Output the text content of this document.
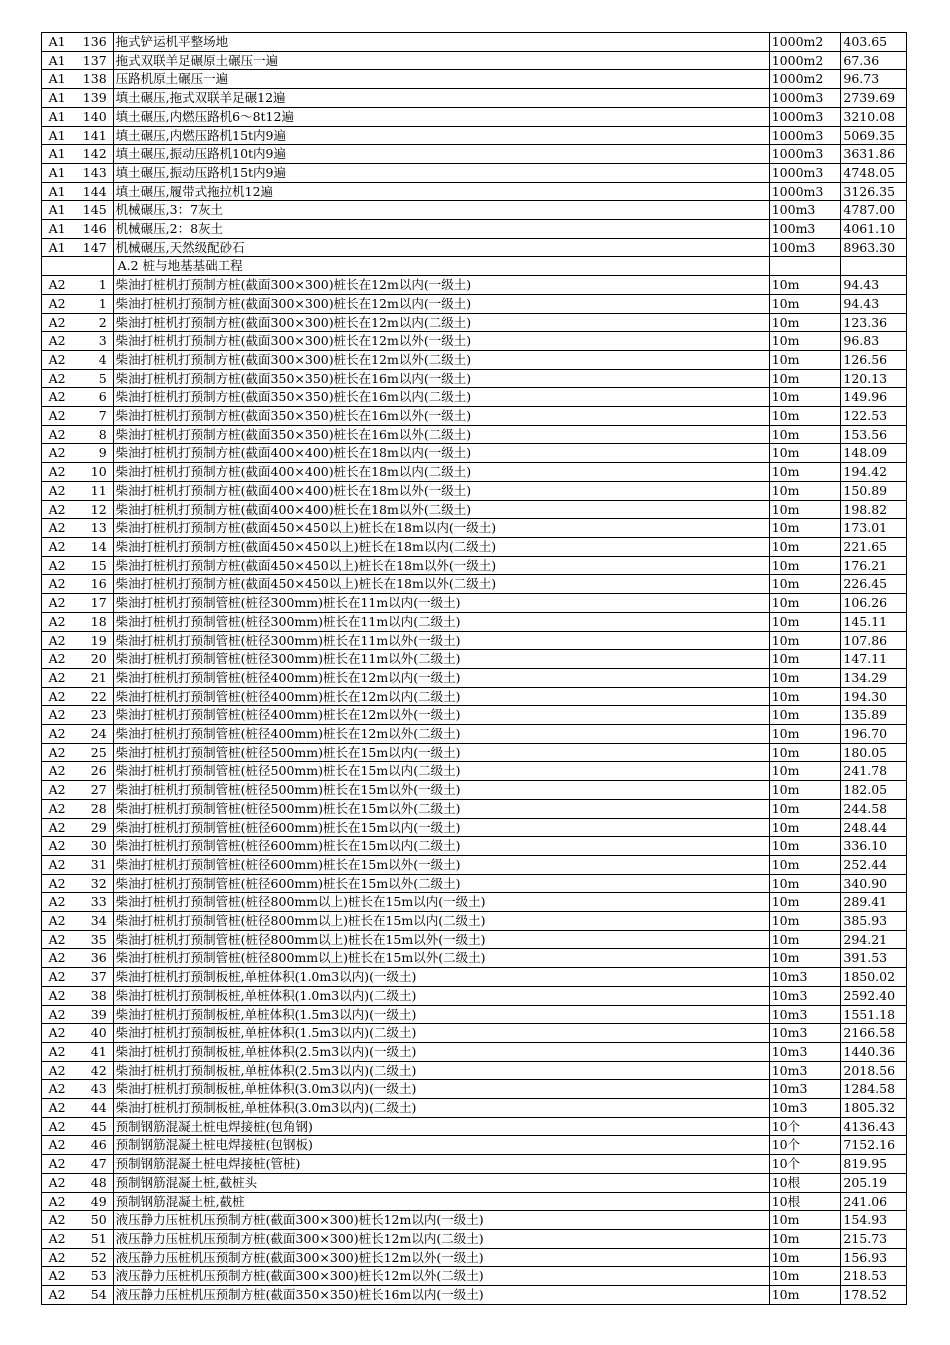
A1	136	拖式铲运机平整场地	1000m2	403.65
A1	137	拖式双联羊足碾原土碾压一遍	1000m2	67.36
A1	138	压路机原土碾压一遍	1000m2	96.73
A1	139	填土碾压,拖式双联羊足碾12遍	1000m3	2739.69
A1	140	填土碾压,内燃压路机6～8t12遍	1000m3	3210.08
A1	141	填土碾压,内燃压路机15t内9遍	1000m3	5069.35
A1	142	填土碾压,振动压路机10t内9遍	1000m3	3631.86
A1	143	填土碾压,振动压路机15t内9遍	1000m3	4748.05
A1	144	填土碾压,履带式拖拉机12遍	1000m3	3126.35
A1	145	机械碾压,3：7灰土	100m3	4787.00
A1	146	机械碾压,2：8灰土	100m3	4061.10
A1	147	机械碾压,天然级配砂石	100m3	8963.30
		A.2 桩与地基基础工程		
A2	1	柴油打桩机打预制方桩(截面300×300)桩长在12m以内(一级土)	10m	94.43
A2	1	柴油打桩机打预制方桩(截面300×300)桩长在12m以内(一级土)	10m	94.43
A2	2	柴油打桩机打预制方桩(截面300×300)桩长在12m以内(二级土)	10m	123.36
A2	3	柴油打桩机打预制方桩(截面300×300)桩长在12m以外(一级土)	10m	96.83
A2	4	柴油打桩机打预制方桩(截面300×300)桩长在12m以外(二级土)	10m	126.56
A2	5	柴油打桩机打预制方桩(截面350×350)桩长在16m以内(一级土)	10m	120.13
A2	6	柴油打桩机打预制方桩(截面350×350)桩长在16m以内(二级土)	10m	149.96
A2	7	柴油打桩机打预制方桩(截面350×350)桩长在16m以外(一级土)	10m	122.53
A2	8	柴油打桩机打预制方桩(截面350×350)桩长在16m以外(二级土)	10m	153.56
A2	9	柴油打桩机打预制方桩(截面400×400)桩长在18m以内(一级土)	10m	148.09
A2	10	柴油打桩机打预制方桩(截面400×400)桩长在18m以内(二级土)	10m	194.42
A2	11	柴油打桩机打预制方桩(截面400×400)桩长在18m以外(一级土)	10m	150.89
A2	12	柴油打桩机打预制方桩(截面400×400)桩长在18m以外(二级土)	10m	198.82
A2	13	柴油打桩机打预制方桩(截面450×450以上)桩长在18m以内(一级土)	10m	173.01
A2	14	柴油打桩机打预制方桩(截面450×450以上)桩长在18m以内(二级土)	10m	221.65
A2	15	柴油打桩机打预制方桩(截面450×450以上)桩长在18m以外(一级土)	10m	176.21
A2	16	柴油打桩机打预制方桩(截面450×450以上)桩长在18m以外(二级土)	10m	226.45
A2	17	柴油打桩机打预制管桩(桩径300mm)桩长在11m以内(一级土)	10m	106.26
A2	18	柴油打桩机打预制管桩(桩径300mm)桩长在11m以内(二级土)	10m	145.11
A2	19	柴油打桩机打预制管桩(桩径300mm)桩长在11m以外(一级土)	10m	107.86
A2	20	柴油打桩机打预制管桩(桩径300mm)桩长在11m以外(二级土)	10m	147.11
A2	21	柴油打桩机打预制管桩(桩径400mm)桩长在12m以内(一级土)	10m	134.29
A2	22	柴油打桩机打预制管桩(桩径400mm)桩长在12m以内(二级土)	10m	194.30
A2	23	柴油打桩机打预制管桩(桩径400mm)桩长在12m以外(一级土)	10m	135.89
A2	24	柴油打桩机打预制管桩(桩径400mm)桩长在12m以外(二级土)	10m	196.70
A2	25	柴油打桩机打预制管桩(桩径500mm)桩长在15m以内(一级土)	10m	180.05
A2	26	柴油打桩机打预制管桩(桩径500mm)桩长在15m以内(二级土)	10m	241.78
A2	27	柴油打桩机打预制管桩(桩径500mm)桩长在15m以外(一级土)	10m	182.05
A2	28	柴油打桩机打预制管桩(桩径500mm)桩长在15m以外(二级土)	10m	244.58
A2	29	柴油打桩机打预制管桩(桩径600mm)桩长在15m以内(一级土)	10m	248.44
A2	30	柴油打桩机打预制管桩(桩径600mm)桩长在15m以内(二级土)	10m	336.10
A2	31	柴油打桩机打预制管桩(桩径600mm)桩长在15m以外(一级土)	10m	252.44
A2	32	柴油打桩机打预制管桩(桩径600mm)桩长在15m以外(二级土)	10m	340.90
A2	33	柴油打桩机打预制管桩(桩径800mm以上)桩长在15m以内(一级土)	10m	289.41
A2	34	柴油打桩机打预制管桩(桩径800mm以上)桩长在15m以内(二级土)	10m	385.93
A2	35	柴油打桩机打预制管桩(桩径800mm以上)桩长在15m以外(一级土)	10m	294.21
A2	36	柴油打桩机打预制管桩(桩径800mm以上)桩长在15m以外(二级土)	10m	391.53
A2	37	柴油打桩机打预制板桩,单桩体积(1.0m3以内)(一级土)	10m3	1850.02
A2	38	柴油打桩机打预制板桩,单桩体积(1.0m3以内)(二级土)	10m3	2592.40
A2	39	柴油打桩机打预制板桩,单桩体积(1.5m3以内)(一级土)	10m3	1551.18
A2	40	柴油打桩机打预制板桩,单桩体积(1.5m3以内)(二级土)	10m3	2166.58
A2	41	柴油打桩机打预制板桩,单桩体积(2.5m3以内)(一级土)	10m3	1440.36
A2	42	柴油打桩机打预制板桩,单桩体积(2.5m3以内)(二级土)	10m3	2018.56
A2	43	柴油打桩机打预制板桩,单桩体积(3.0m3以内)(一级土)	10m3	1284.58
A2	44	柴油打桩机打预制板桩,单桩体积(3.0m3以内)(二级土)	10m3	1805.32
A2	45	预制钢筋混凝土桩电焊接桩(包角钢)	10个	4136.43
A2	46	预制钢筋混凝土桩电焊接桩(包钢板)	10个	7152.16
A2	47	预制钢筋混凝土桩电焊接桩(管桩)	10个	819.95
A2	48	预制钢筋混凝土桩,截桩头	10根	205.19
A2	49	预制钢筋混凝土桩,截桩	10根	241.06
A2	50	液压静力压桩机压预制方桩(截面300×300)桩长12m以内(一级土)	10m	154.93
A2	51	液压静力压桩机压预制方桩(截面300×300)桩长12m以内(二级土)	10m	215.73
A2	52	液压静力压桩机压预制方桩(截面300×300)桩长12m以外(一级土)	10m	156.93
A2	53	液压静力压桩机压预制方桩(截面300×300)桩长12m以外(二级土)	10m	218.53
A2	54	液压静力压桩机压预制方桩(截面350×350)桩长16m以内(一级土)	10m	178.52
